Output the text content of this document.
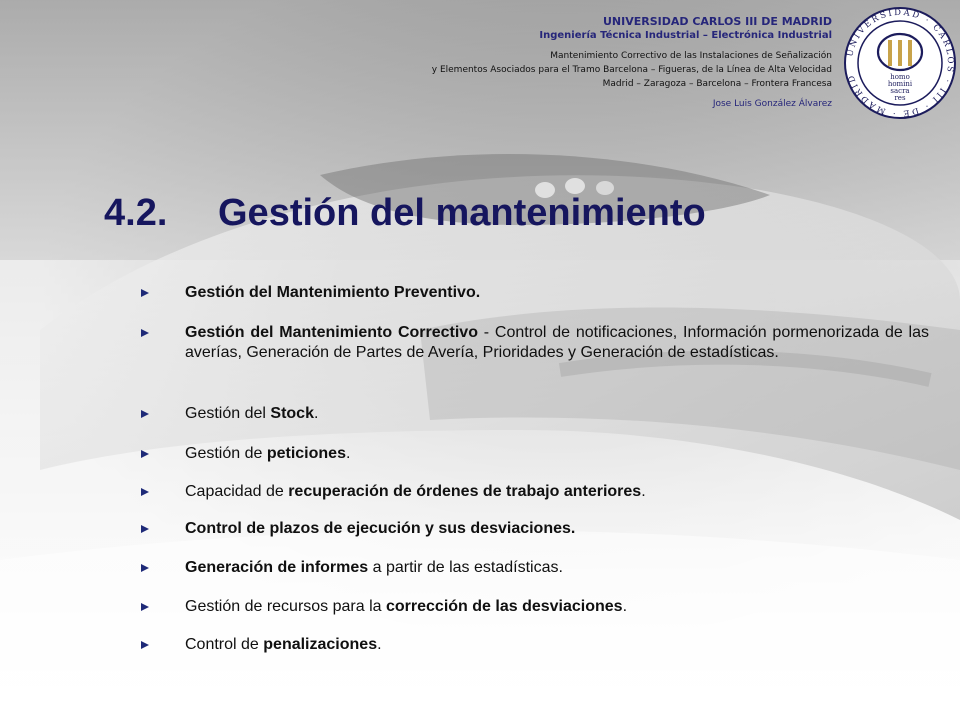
UNIVERSIDAD CARLOS III DE MADRID
Ingeniería Técnica Industrial – Electrónica Industrial
Mantenimiento Correctivo de las Instalaciones de Señalización
y Elementos Asociados para el Tramo Barcelona – Figueras, de la Línea de Alta Velocidad
Madrid – Zaragoza – Barcelona – Frontera Francesa
Jose Luis González Álvarez
UNIVERSIDAD · CARLOS · III · DE · MADRID	homo
homini
sacra
res
4.2. Gestión del mantenimiento
Gestión del Mantenimiento Preventivo.
Gestión del Mantenimiento Correctivo - Control de notificaciones, Información pormenorizada de las averías, Generación de Partes de Avería, Prioridades y Generación de estadísticas.
Gestión del Stock.
Gestión de peticiones.
Capacidad de recuperación de órdenes de trabajo anteriores.
Control de plazos de ejecución y sus desviaciones.
Generación de informes a partir de las estadísticas.
Gestión de recursos para la corrección de las desviaciones.
Control de penalizaciones.
